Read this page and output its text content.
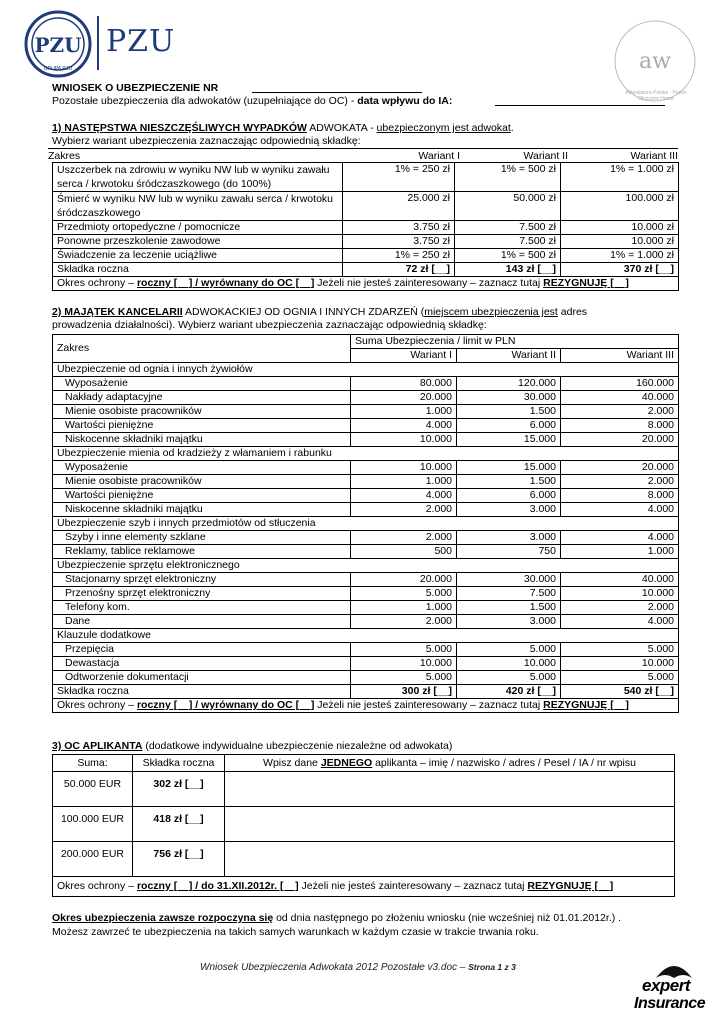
PZU
GRUPA PZU
PZU
aw
Adwokatura Polska · Prawo Ojczyzna Honor
WNIOSEK O UBEZPIECZENIE NR
Pozostałe ubezpieczenia dla adwokatów (uzupełniające do OC) - data wpływu do IA:
1) NASTĘPSTWA NIESZCZĘŚLIWYCH WYPADKÓW ADWOKATA - ubezpieczonym jest adwokat.
Wybierz wariant ubezpieczenia zaznaczając odpowiednią składkę:
Zakres	Wariant I	Wariant II	Wariant III
Uszczerbek na zdrowiu w wyniku NW lub w wyniku zawału serca / krwotoku śródczaszkowego (do 100%)	1% = 250 zł	1% = 500 zł	1% = 1.000 zł
Śmierć w wyniku NW lub w wyniku zawału serca / krwotoku śródczaszkowego	25.000 zł	50.000 zł	100.000 zł
Przedmioty ortopedyczne / pomocnicze	3.750 zł	7.500 zł	10.000 zł
Ponowne przeszkolenie zawodowe	3.750 zł	7.500 zł	10.000 zł
Świadczenie za leczenie uciążliwe	1% = 250 zł	1% = 500 zł	1% = 1.000 zł
Składka roczna	72 zł [__]	143 zł [__]	370 zł [__]
Okres ochrony – roczny [__] / wyrównany do OC [__] Jeżeli nie jesteś zainteresowany – zaznacz tutaj REZYGNUJĘ [__]			
2) MAJĄTEK KANCELARII ADWOKACKIEJ OD OGNIA I INNYCH ZDARZEŃ (miejscem ubezpieczenia jest adres
prowadzenia działalności). Wybierz wariant ubezpieczenia zaznaczając odpowiednią składkę:
Zakres	Suma Ubezpieczenia / limit w PLN		
	Wariant I	Wariant II	Wariant III
Ubezpieczenie od ognia i innych żywiołów			
Wyposażenie	80.000	120.000	160.000
Nakłady adaptacyjne	20.000	30.000	40.000
Mienie osobiste pracowników	1.000	1.500	2.000
Wartości pieniężne	4.000	6.000	8.000
Niskocenne składniki majątku	10.000	15.000	20.000
Ubezpieczenie mienia od kradzieży z włamaniem i rabunku			
Wyposażenie	10.000	15.000	20.000
Mienie osobiste pracowników	1.000	1.500	2.000
Wartości pieniężne	4.000	6.000	8.000
Niskocenne składniki majątku	2.000	3.000	4.000
Ubezpieczenie szyb i innych przedmiotów od stłuczenia			
Szyby i inne elementy szklane	2.000	3.000	4.000
Reklamy, tablice reklamowe	500	750	1.000
Ubezpieczenie sprzętu elektronicznego			
Stacjonarny sprzęt elektroniczny	20.000	30.000	40.000
Przenośny sprzęt elektroniczny	5.000	7.500	10.000
Telefony kom.	1.000	1.500	2.000
Dane	2.000	3.000	4.000
Klauzule dodatkowe			
Przepięcia	5.000	5.000	5.000
Dewastacja	10.000	10.000	10.000
Odtworzenie dokumentacji	5.000	5.000	5.000
Składka roczna	300 zł [__]	420 zł [__]	540 zł [__]
Okres ochrony – roczny [__] / wyrównany do OC [__] Jeżeli nie jesteś zainteresowany – zaznacz tutaj REZYGNUJĘ [__]			
3) OC APLIKANTA (dodatkowe indywidualne ubezpieczenie niezależne od adwokata)
Suma:	Składka roczna	Wpisz dane JEDNEGO aplikanta – imię / nazwisko / adres / Pesel / IA / nr wpisu
50.000 EUR	302 zł [__]	
100.000 EUR	418 zł [__]	
200.000 EUR	756 zł [__]	
Okres ochrony – roczny [__] / do 31.XII.2012r. [__] Jeżeli nie jesteś zainteresowany – zaznacz tutaj REZYGNUJĘ [__]		
Okres ubezpieczenia zawsze rozpoczyna się od dnia następnego po złożeniu wniosku (nie wcześniej niż 01.01.2012r.) .
Możesz zawrzeć te ubezpieczenia na takich samych warunkach w każdym czasie w trakcie trwania roku.
Wniosek Ubezpieczenia Adwokata 2012 Pozostałe v3.doc – Strona 1 z 3
expert
Insurance
